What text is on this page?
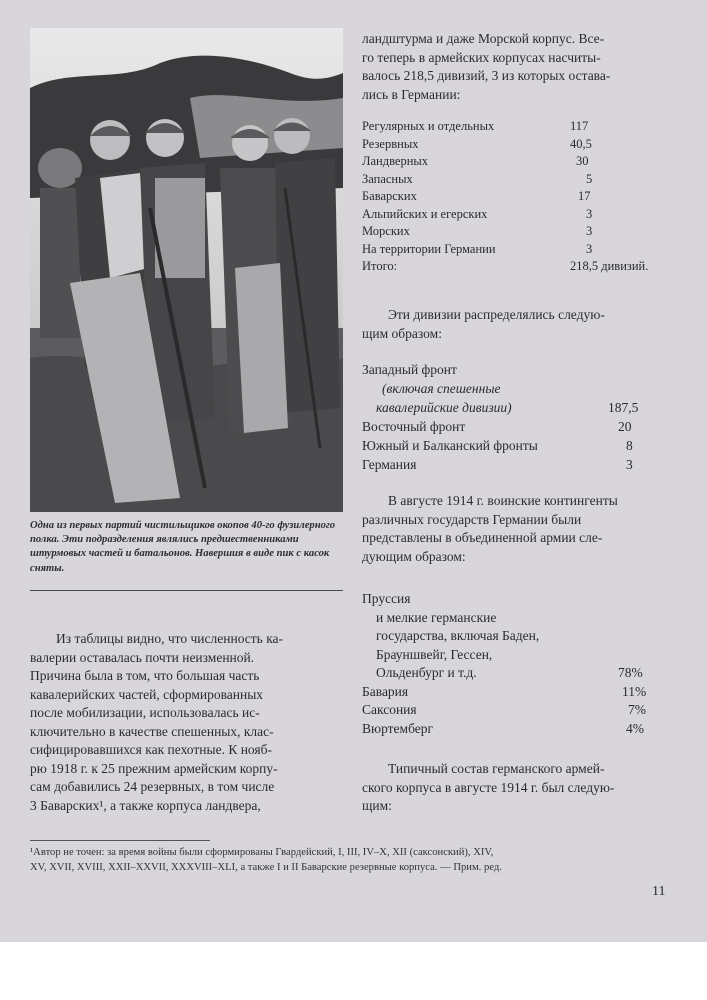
Одна из первых партий чистильщиков окопов 40-го фузилерного полка. Эти подразделения являлись предшественниками штурмовых частей и батальонов. Навершия в виде пик с касок сняты.
ландштурма и даже Морской корпус. Все-
го теперь в армейских корпусах насчиты-
валось 218,5 дивизий, 3 из которых остава-
лись в Германии:
Регулярных и отдельных	117
Резервных	40,5
Ландверных	30
Запасных	5
Баварских	17
Альпийских и егерских	3
Морских	3
На территории Германии	3
Итого:	218,5 дивизий.
Эти дивизии распределялись следую-
щим образом:
Западный фронт
(включая спешенные
кавалерийские дивизии)	187,5
Восточный фронт	20
Южный и Балканский фронты	8
Германия	3
В августе 1914 г. воинские контингенты
различных государств Германии были
представлены в объединенной армии сле-
дующим образом:
Пруссия
и мелкие германские
государства, включая Баден,
Брауншвейг, Гессен,
Ольденбург и т.д.	78%
Бавария	11%
Саксония	7%
Вюртемберг	4%
Типичный состав германского армей-
ского корпуса в августе 1914 г. был следую-
щим:
Из таблицы видно, что численность ка-
валерии оставалась почти неизменной.
Причина была в том, что большая часть
кавалерийских частей, сформированных
после мобилизации, использовалась ис-
ключительно в качестве спешенных, клас-
сифицировавшихся как пехотные. К нояб-
рю 1918 г. к 25 прежним армейским корпу-
сам добавились 24 резервных, в том числе
3 Баварских¹, а также корпуса ландвера,
¹Автор не точен: за время войны были сформированы Гвардейский, I, III, IV–X, XII (саксонский), XIV,
XV, XVII, XVIII, XXII–XXVII, XXXVIII–XLI, а также I и II Баварские резервные корпуса. — Прим. ред.
11
